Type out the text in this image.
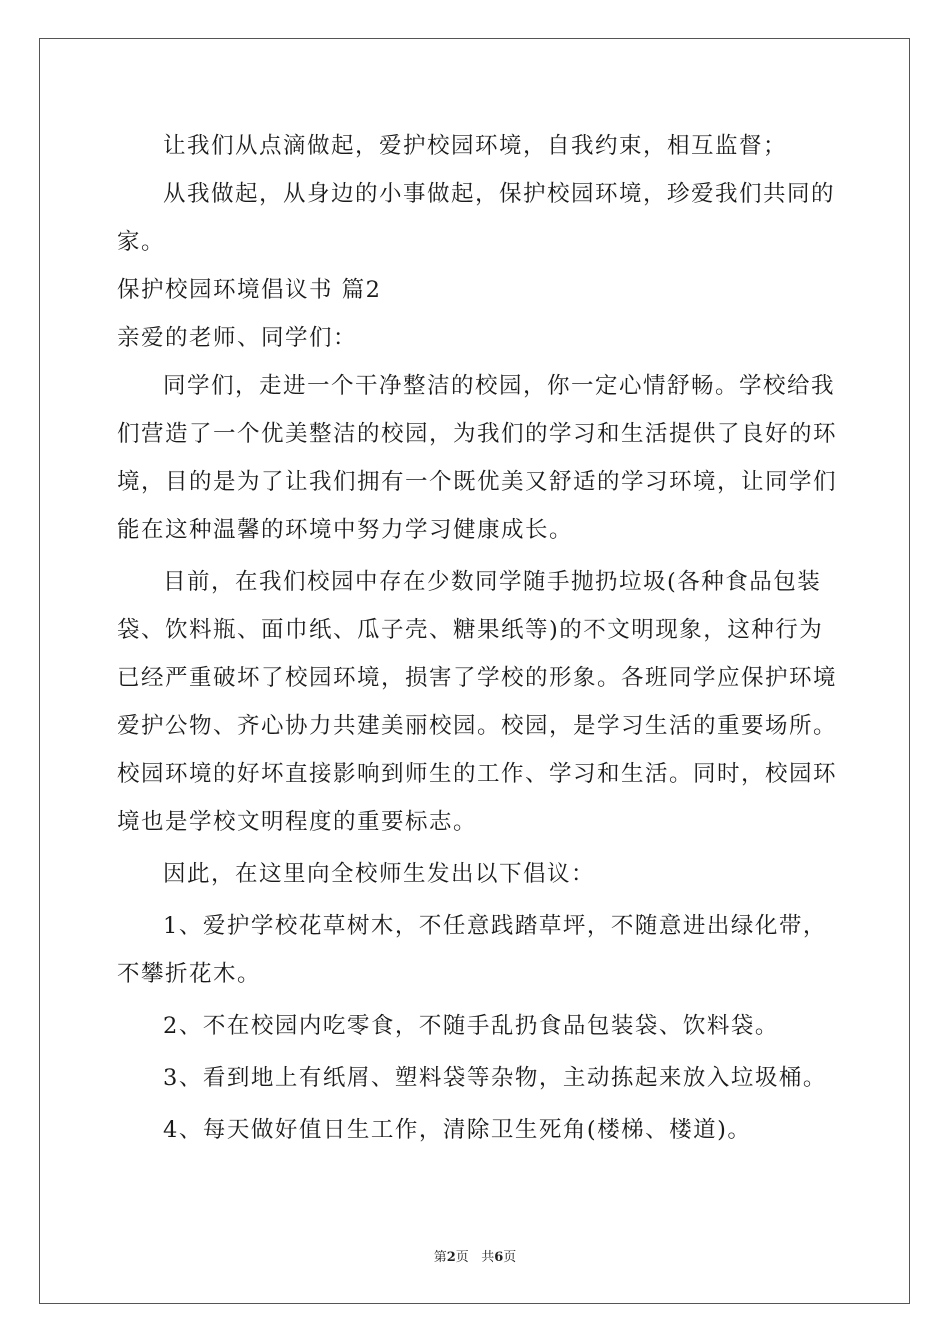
让我们从点滴做起，爱护校园环境，自我约束，相互监督；
从我做起，从身边的小事做起，保护校园环境，珍爱我们共同的
家。
保护校园环境倡议书 篇2
亲爱的老师、同学们：
同学们，走进一个干净整洁的校园，你一定心情舒畅。学校给我
们营造了一个优美整洁的校园，为我们的学习和生活提供了良好的环
境，目的是为了让我们拥有一个既优美又舒适的学习环境，让同学们
能在这种温馨的环境中努力学习健康成长。
目前，在我们校园中存在少数同学随手抛扔垃圾(各种食品包装
袋、饮料瓶、面巾纸、瓜子壳、糖果纸等)的不文明现象，这种行为
已经严重破坏了校园环境，损害了学校的形象。各班同学应保护环境
爱护公物、齐心协力共建美丽校园。校园，是学习生活的重要场所。
校园环境的好坏直接影响到师生的工作、学习和生活。同时，校园环
境也是学校文明程度的重要标志。
因此，在这里向全校师生发出以下倡议：
1、爱护学校花草树木，不任意践踏草坪，不随意进出绿化带，
不攀折花木。
2、不在校园内吃零食，不随手乱扔食品包装袋、饮料袋。
3、看到地上有纸屑、塑料袋等杂物，主动拣起来放入垃圾桶。
4、每天做好值日生工作，清除卫生死角(楼梯、楼道)。
第2页 共6页
